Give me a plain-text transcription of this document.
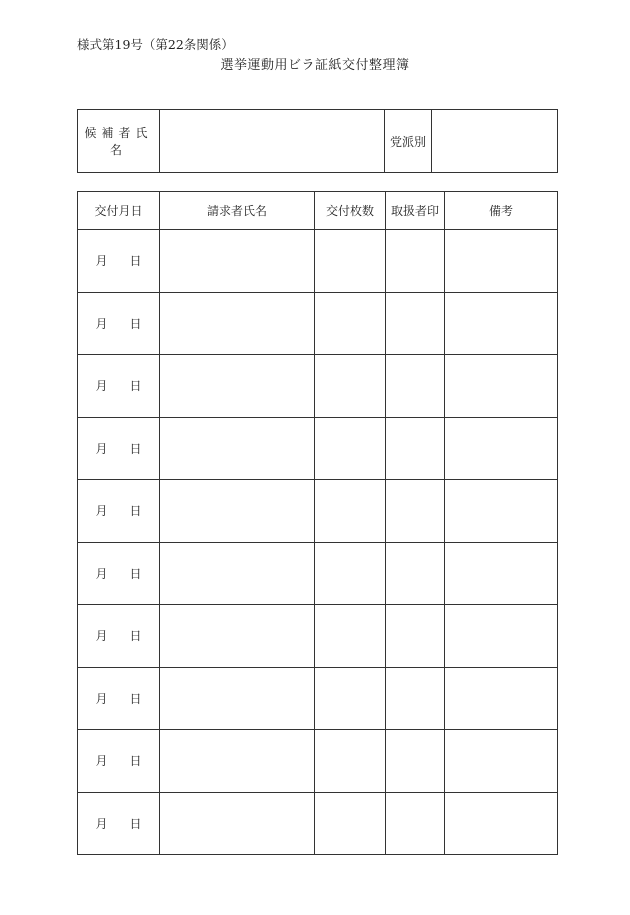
様式第19号（第22条関係）
選挙運動用ビラ証紙交付整理簿
候補者氏名		党派別	
交付月日	請求者氏名	交付枚数	取扱者印	備考
月 日				
月 日				
月 日				
月 日				
月 日				
月 日				
月 日				
月 日				
月 日				
月 日				
